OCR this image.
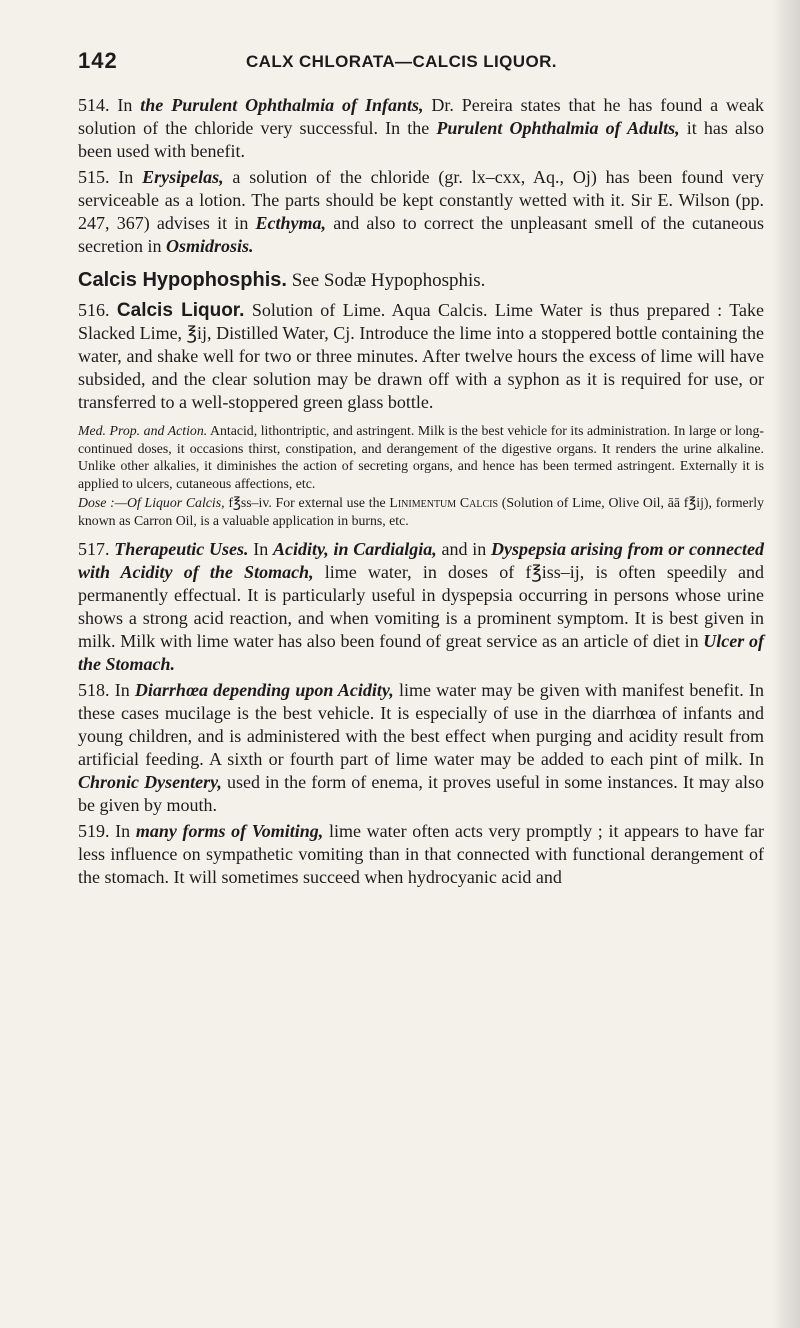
142	CALX CHLORATA—CALCIS LIQUOR.

514. In the Purulent Ophthalmia of Infants, Dr. Pereira states that he has found a weak solution of the chloride very successful. In the Purulent Ophthalmia of Adults, it has also been used with benefit.

515. In Erysipelas, a solution of the chloride (gr. lx–cxx, Aq., Oj) has been found very serviceable as a lotion. The parts should be kept constantly wetted with it. Sir E. Wilson (pp. 247, 367) advises it in Ecthyma, and also to correct the unpleasant smell of the cutaneous secretion in Osmidrosis.

Calcis Hypophosphis. See Sodæ Hypophosphis.

516. Calcis Liquor. Solution of Lime. Aqua Calcis. Lime Water is thus prepared : Take Slacked Lime, ℥ij, Distilled Water, Cj. Introduce the lime into a stoppered bottle containing the water, and shake well for two or three minutes. After twelve hours the excess of lime will have subsided, and the clear solution may be drawn off with a syphon as it is required for use, or transferred to a well-stoppered green glass bottle.

Med. Prop. and Action. Antacid, lithontriptic, and astringent. Milk is the best vehicle for its administration. In large or long-continued doses, it occasions thirst, constipation, and derangement of the digestive organs. It renders the urine alkaline. Unlike other alkalies, it diminishes the action of secreting organs, and hence has been termed astringent. Externally it is applied to ulcers, cutaneous affections, etc.

Dose :—Of Liquor Calcis, f℥ss–iv. For external use the Linimentum Calcis (Solution of Lime, Olive Oil, āā f℥ij), formerly known as Carron Oil, is a valuable application in burns, etc.

517. Therapeutic Uses. In Acidity, in Cardialgia, and in Dyspepsia arising from or connected with Acidity of the Stomach, lime water, in doses of f℥iss–ij, is often speedily and permanently effectual. It is particularly useful in dyspepsia occurring in persons whose urine shows a strong acid reaction, and when vomiting is a prominent symptom. It is best given in milk. Milk with lime water has also been found of great service as an article of diet in Ulcer of the Stomach.

518. In Diarrhœa depending upon Acidity, lime water may be given with manifest benefit. In these cases mucilage is the best vehicle. It is especially of use in the diarrhœa of infants and young children, and is administered with the best effect when purging and acidity result from artificial feeding. A sixth or fourth part of lime water may be added to each pint of milk. In Chronic Dysentery, used in the form of enema, it proves useful in some instances. It may also be given by mouth.

519. In many forms of Vomiting, lime water often acts very promptly ; it appears to have far less influence on sympathetic vomiting than in that connected with functional derangement of the stomach. It will sometimes succeed when hydrocyanic acid and
